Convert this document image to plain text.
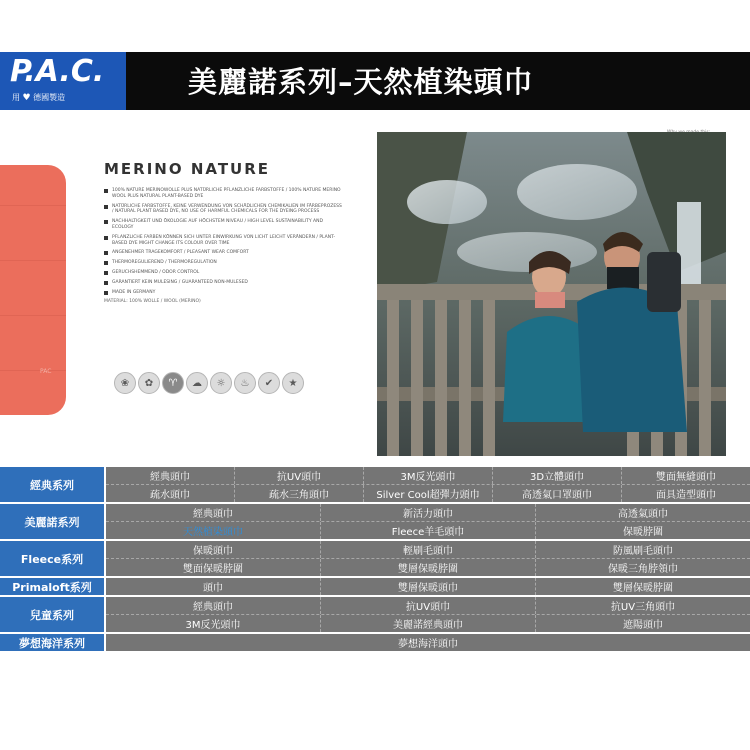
P.A.C.
用 ♥ 德國製造	美麗諾系列–天然植染頭巾
PAC
MERINO NATURE
100% NATURE MERINOWOLLE PLUS NATÜRLICHE PFLANZLICHE FARBSTOFFE / 100% NATURE MERINO WOOL PLUS NATURAL PLANT-BASED DYE
NATÜRLICHE FARBSTOFFE, KEINE VERWENDUNG VON SCHÄDLICHEN CHEMIKALIEN IM FÄRBEPROZESS / NATURAL PLANT BASED DYE, NO USE OF HARMFUL CHEMICALS FOR THE DYEING PROCESS
NACHHALTIGKEIT UND ÖKOLOGIE AUF HÖCHSTEM NIVEAU / HIGH LEVEL SUSTAINABILITY AND ECOLOGY
PFLANZLICHE FARBEN KÖNNEN SICH UNTER EINWIRKUNG VON LICHT LEICHT VERÄNDERN / PLANT-BASED DYE MIGHT CHANGE ITS COLOUR OVER TIME
ANGENEHMER TRAGEKOMFORT / PLEASANT WEAR COMFORT
THERMOREGULIEREND / THERMOREGULATION
GERUCHSHEMMEND / ODOR CONTROL
GARANTIERT KEIN MULESING / GUARANTEED NON-MULESED
MADE IN GERMANY
MATERIAL: 100% WOLLE / WOOL (MERINO)
❀	✿	♈	☁	☼	♨	✔	★
經典系列
經典頭巾	抗UV頭巾	3M反光頭巾	3D立體頭巾	雙面無縫頭巾
疏水頭巾	疏水三角頭巾	Silver Cool超彈力頭巾	高透氣口罩頭巾	面具造型頭巾
美麗諾系列
經典頭巾	新活力頭巾	高透氣頭巾
天然植染頭巾	Fleece羊毛頭巾	保暖脖圍
Fleece系列
保暖頭巾	輕刷毛頭巾	防風刷毛頭巾
雙面保暖脖圍	雙層保暖脖圍	保暖三角脖領巾
Primaloft系列	頭巾	雙層保暖頭巾	雙層保暖脖圍
兒童系列
經典頭巾	抗UV頭巾	抗UV三角頭巾
3M反光頭巾	美麗諾經典頭巾	遮陽頭巾
夢想海洋系列	夢想海洋頭巾
